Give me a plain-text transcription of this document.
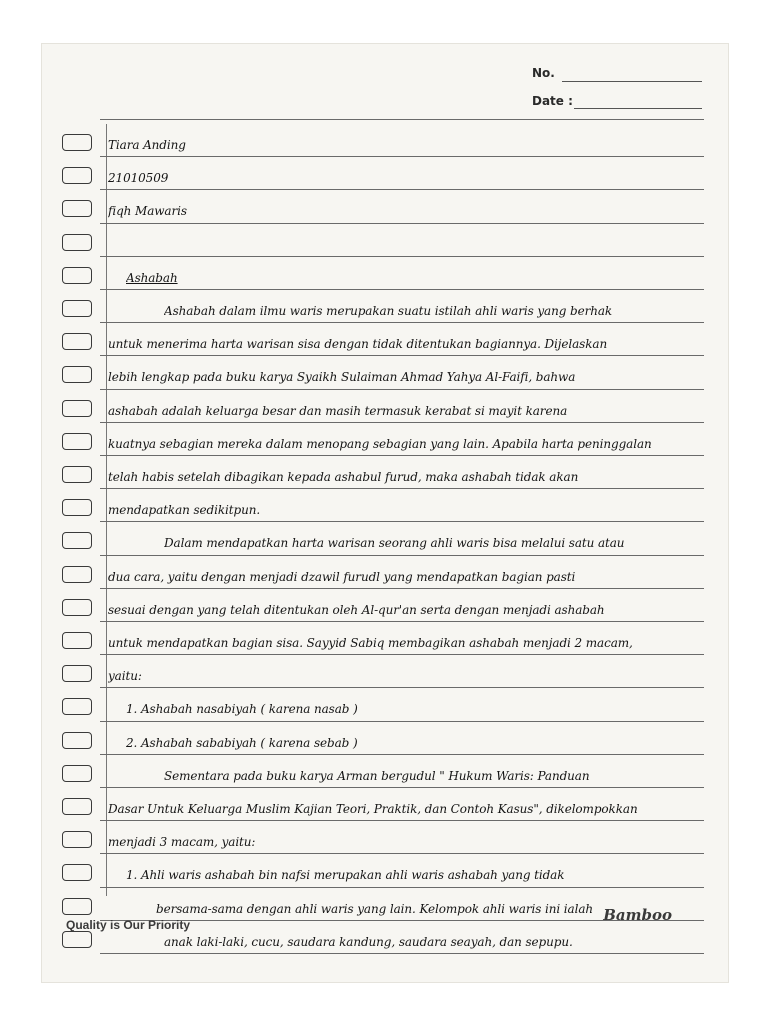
No.
Date :
Tiara Anding
21010509
fiqh Mawaris
Ashabah
Ashabah dalam ilmu waris merupakan suatu istilah ahli waris yang berhak
untuk menerima harta warisan sisa dengan tidak ditentukan bagiannya. Dijelaskan
lebih lengkap pada buku karya Syaikh Sulaiman Ahmad Yahya Al-Faifi, bahwa
ashabah adalah keluarga besar dan masih termasuk kerabat si mayit karena
kuatnya sebagian mereka dalam menopang sebagian yang lain. Apabila harta peninggalan
telah habis setelah dibagikan kepada ashabul furud, maka ashabah tidak akan
mendapatkan sedikitpun.
Dalam mendapatkan harta warisan seorang ahli waris bisa melalui satu atau
dua cara, yaitu dengan menjadi dzawil furudl yang mendapatkan bagian pasti
sesuai dengan yang telah ditentukan oleh Al-qur'an serta dengan menjadi ashabah
untuk mendapatkan bagian sisa. Sayyid Sabiq membagikan ashabah menjadi 2 macam,
yaitu:
1. Ashabah nasabiyah ( karena nasab )
2. Ashabah sababiyah ( karena sebab )
Sementara pada buku karya Arman bergudul " Hukum Waris: Panduan
Dasar Untuk Keluarga Muslim Kajian Teori, Praktik, dan Contoh Kasus", dikelompokkan
menjadi 3 macam, yaitu:
1. Ahli waris ashabah bin nafsi merupakan ahli waris ashabah yang tidak
bersama-sama dengan ahli waris yang lain. Kelompok ahli waris ini ialah
anak laki-laki, cucu, saudara kandung, saudara seayah, dan sepupu.
Quality is Our Priority
Bamboo
